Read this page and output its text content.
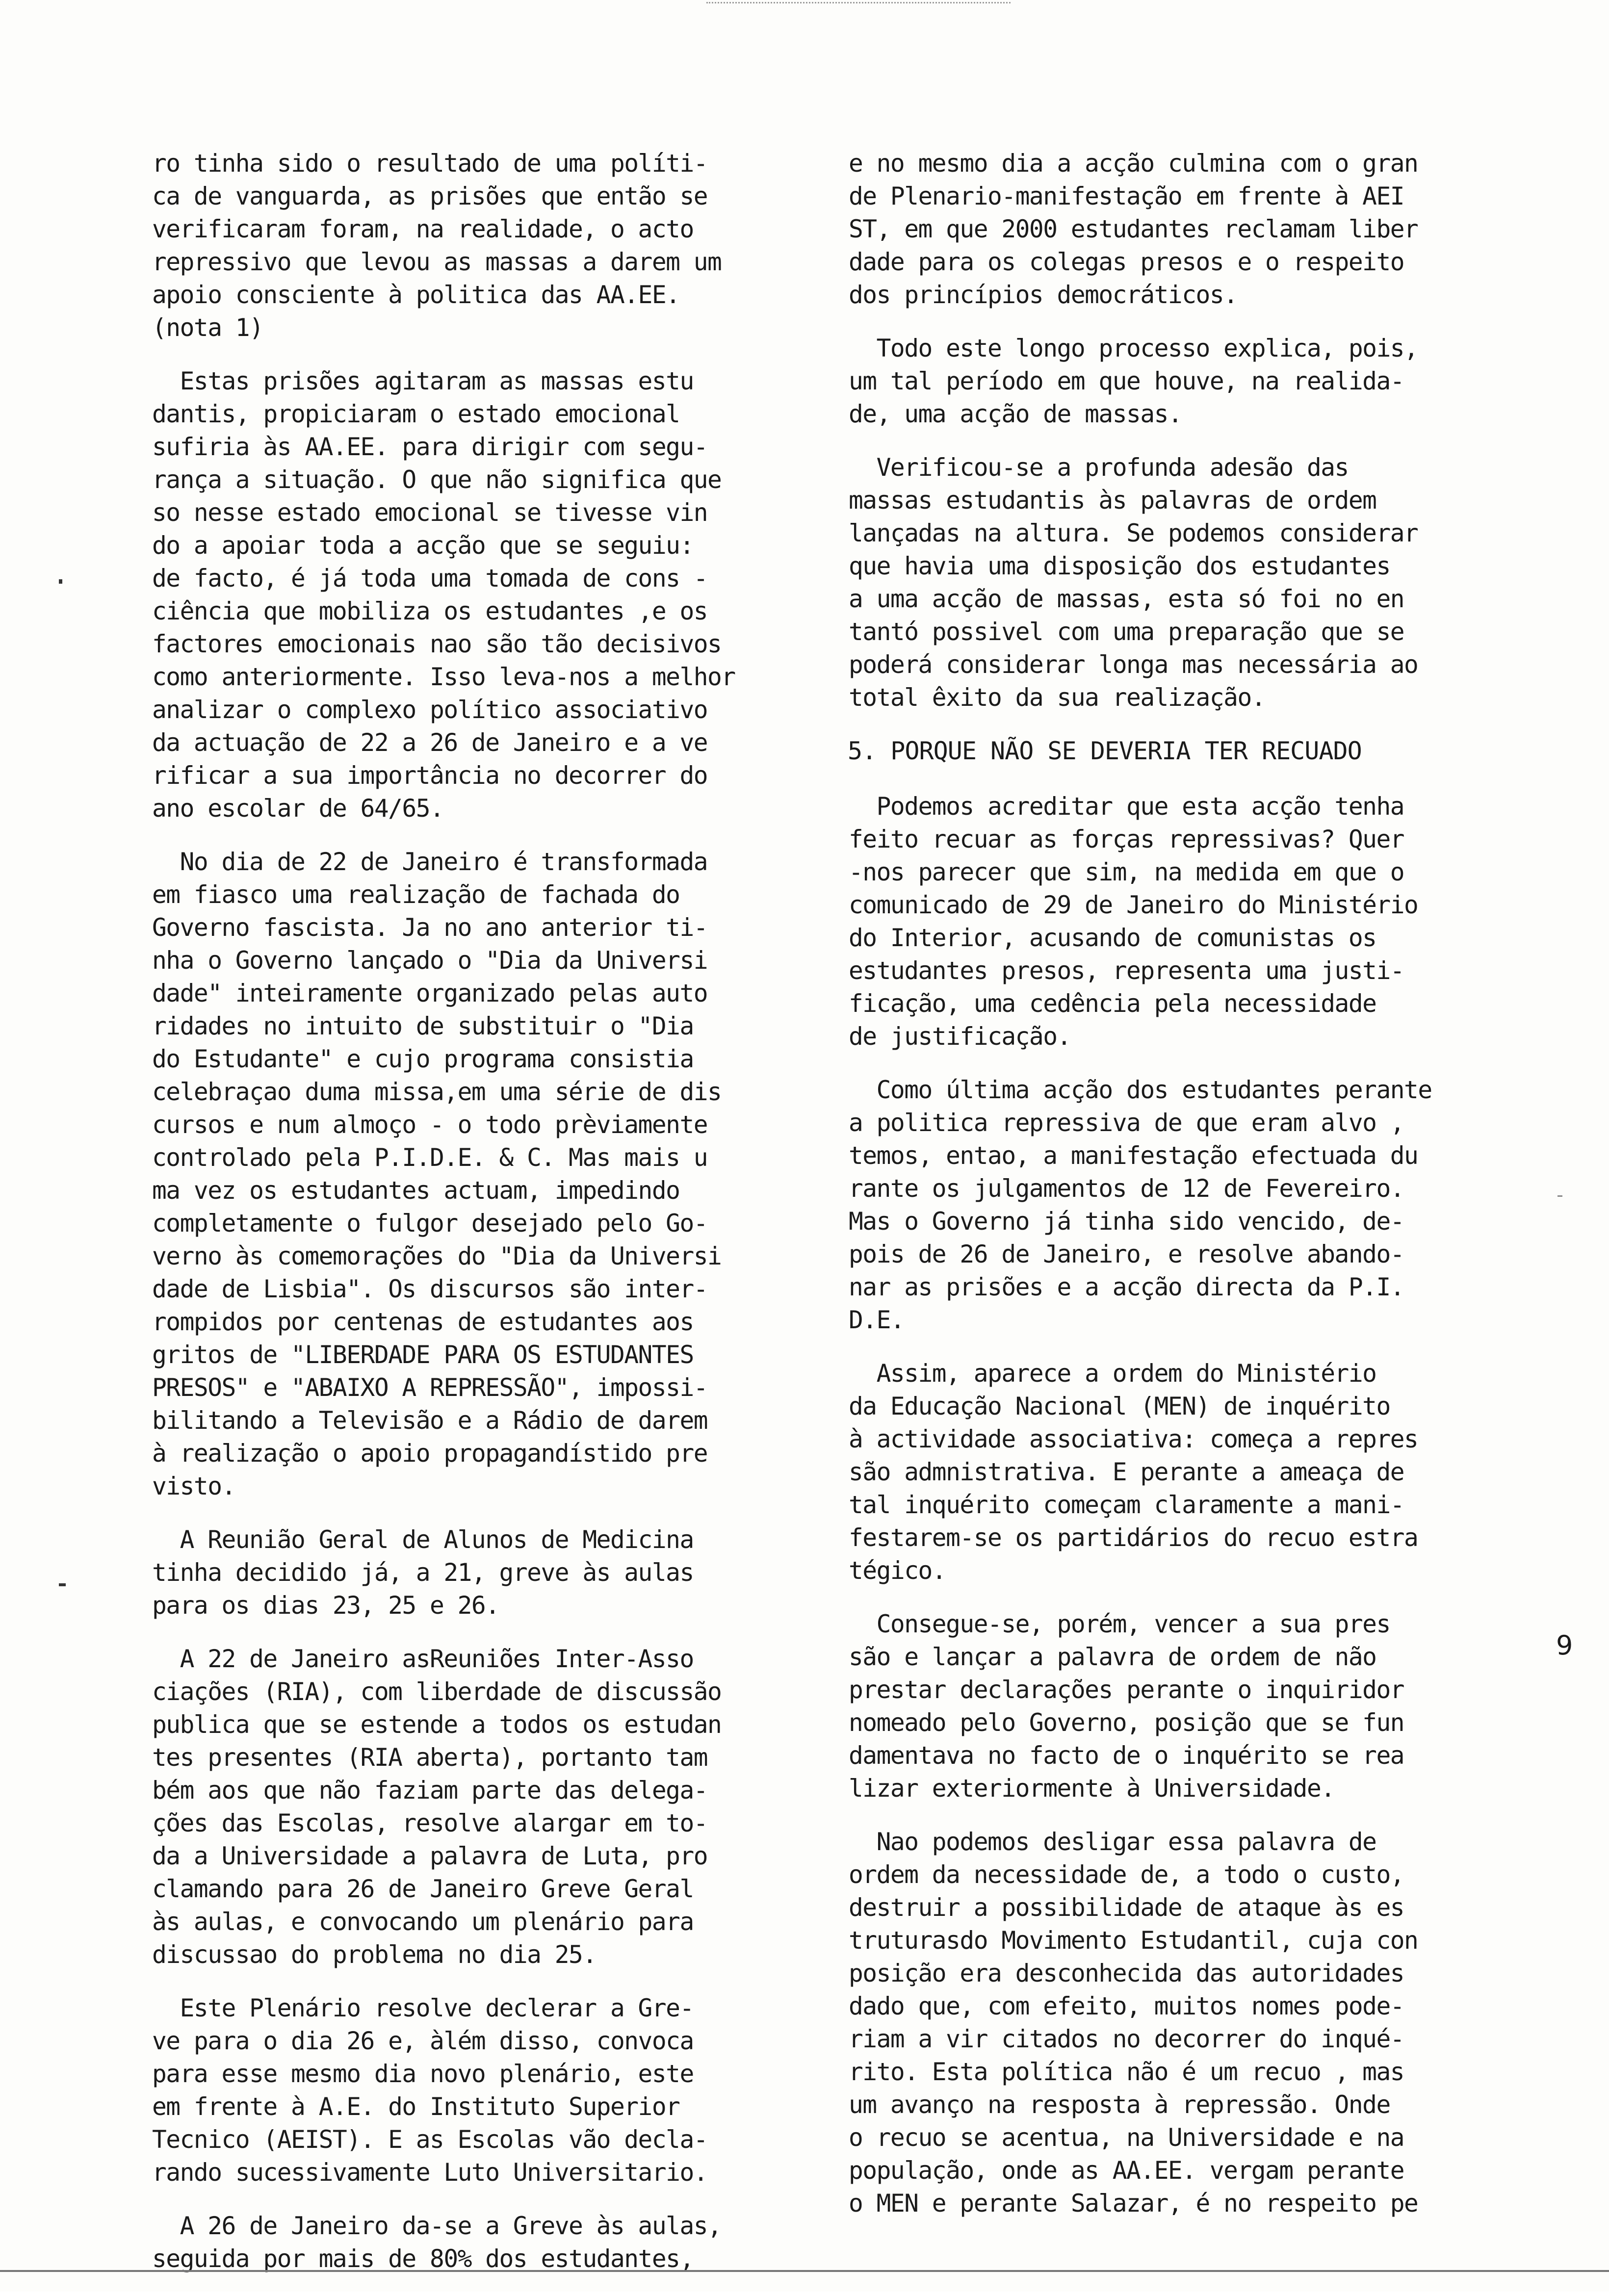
ro tinha sido o resultado de uma políti-
ca de vanguarda, as prisões que então se
verificaram foram, na realidade, o acto
repressivo que levou as massas a darem um
apoio consciente à politica das AA.EE.
(nota 1)
Estas prisões agitaram as massas estu
dantis, propiciaram o estado emocional
sufiria às AA.EE. para dirigir com segu-
rança a situação. O que não significa que
so nesse estado emocional se tivesse vin
do a apoiar toda a acção que se seguiu:
de facto, é já toda uma tomada de cons -
ciência que mobiliza os estudantes ,e os
factores emocionais nao são tão decisivos
como anteriormente. Isso leva-nos a melhor
analizar o complexo político associativo
da actuação de 22 a 26 de Janeiro e a ve
rificar a sua importância no decorrer do
ano escolar de 64/65.
No dia de 22 de Janeiro é transformada
em fiasco uma realização de fachada do
Governo fascista. Ja no ano anterior ti-
nha o Governo lançado o "Dia da Universi
dade" inteiramente organizado pelas auto
ridades no intuito de substituir o "Dia
do Estudante" e cujo programa consistia
celebraçao duma missa,em uma série de dis
cursos e num almoço - o todo prèviamente
controlado pela P.I.D.E. & C. Mas mais u
ma vez os estudantes actuam, impedindo
completamente o fulgor desejado pelo Go-
verno às comemorações do "Dia da Universi
dade de Lisbia". Os discursos são inter-
rompidos por centenas de estudantes aos
gritos de "LIBERDADE PARA OS ESTUDANTES
PRESOS" e "ABAIXO A REPRESSÃO", impossi-
bilitando a Televisão e a Rádio de darem
à realização o apoio propagandístido pre
visto.
A Reunião Geral de Alunos de Medicina
tinha decidido já, a 21, greve às aulas
para os dias 23, 25 e 26.
A 22 de Janeiro asReuniões Inter-Asso
ciações (RIA), com liberdade de discussão
publica que se estende a todos os estudan
tes presentes (RIA aberta), portanto tam
bém aos que não faziam parte das delega-
ções das Escolas, resolve alargar em to-
da a Universidade a palavra de Luta, pro
clamando para 26 de Janeiro Greve Geral
às aulas, e convocando um plenário para
discussao do problema no dia 25.
Este Plenário resolve declerar a Gre-
ve para o dia 26 e, àlém disso, convoca
para esse mesmo dia novo plenário, este
em frente à A.E. do Instituto Superior
Tecnico (AEIST). E as Escolas vão decla-
rando sucessivamente Luto Universitario.
A 26 de Janeiro da-se a Greve às aulas,
seguida por mais de 80% dos estudantes,
e no mesmo dia a acção culmina com o gran
de Plenario-manifestação em frente à AEI
ST, em que 2000 estudantes reclamam liber
dade para os colegas presos e o respeito
dos princípios democráticos.
Todo este longo processo explica, pois,
um tal período em que houve, na realida-
de, uma acção de massas.
Verificou-se a profunda adesão das
massas estudantis às palavras de ordem
lançadas na altura. Se podemos considerar
que havia uma disposição dos estudantes
a uma acção de massas, esta só foi no en
tantó possivel com uma preparação que se
poderá considerar longa mas necessária ao
total êxito da sua realização.
5. PORQUE NÃO SE DEVERIA TER RECUADO
Podemos acreditar que esta acção tenha
feito recuar as forças repressivas? Quer
-nos parecer que sim, na medida em que o
comunicado de 29 de Janeiro do Ministério
do Interior, acusando de comunistas os
estudantes presos, representa uma justi-
ficação, uma cedência pela necessidade
de justificação.
Como última acção dos estudantes perante
a politica repressiva de que eram alvo ,
temos, entao, a manifestação efectuada du
rante os julgamentos de 12 de Fevereiro.
Mas o Governo já tinha sido vencido, de-
pois de 26 de Janeiro, e resolve abando-
nar as prisões e a acção directa da P.I.
D.E.
Assim, aparece a ordem do Ministério
da Educação Nacional (MEN) de inquérito
à actividade associativa: começa a repres
são admnistrativa. E perante a ameaça de
tal inquérito começam claramente a mani-
festarem-se os partidários do recuo estra
tégico.
Consegue-se, porém, vencer a sua pres
são e lançar a palavra de ordem de não
prestar declarações perante o inquiridor
nomeado pelo Governo, posição que se fun
damentava no facto de o inquérito se rea
lizar exteriormente à Universidade.
Nao podemos desligar essa palavra de
ordem da necessidade de, a todo o custo,
destruir a possibilidade de ataque às es
truturasdo Movimento Estudantil, cuja con
posição era desconhecida das autoridades
dado que, com efeito, muitos nomes pode-
riam a vir citados no decorrer do inqué-
rito. Esta política não é um recuo , mas
um avanço na resposta à repressão. Onde
o recuo se acentua, na Universidade e na
população, onde as AA.EE. vergam perante
o MEN e perante Salazar, é no respeito pe
9
